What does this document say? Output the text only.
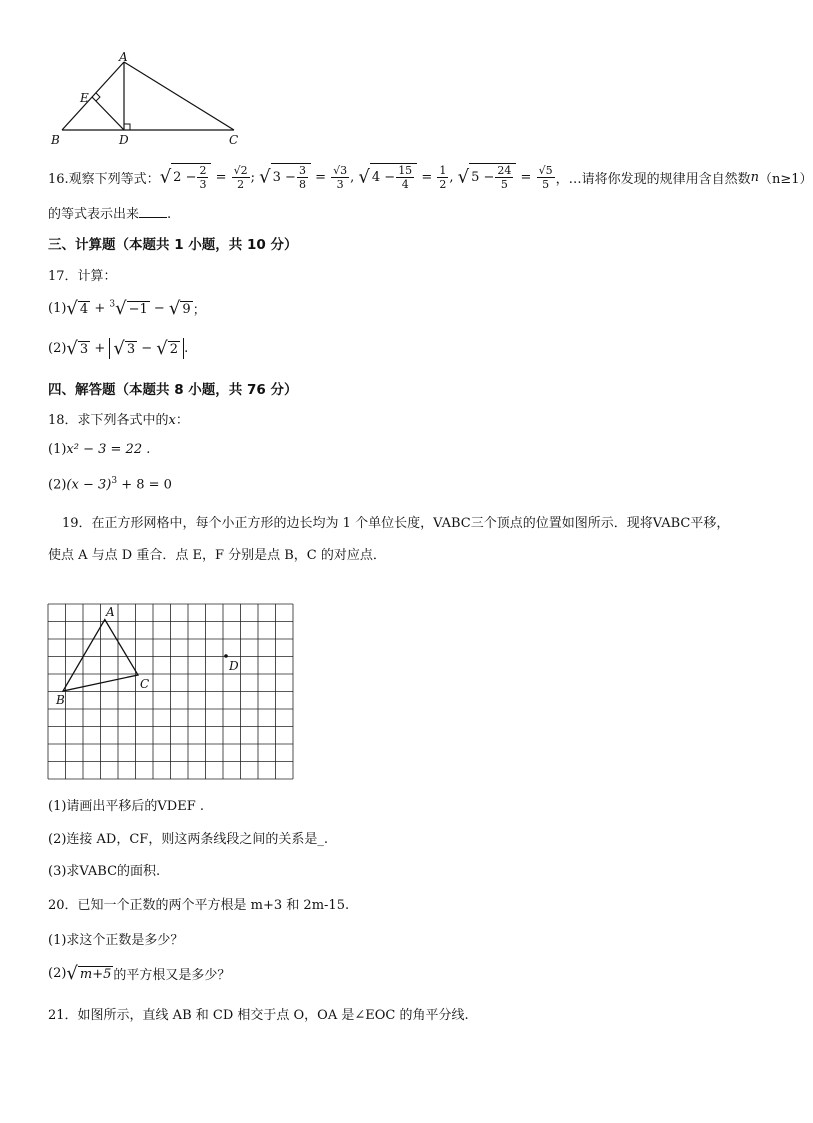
A
B	C
D
E
16.观察下列等式： √ $2 - \frac{2}{3} = \frac{√2}{2}$ ; √ $3 - \frac{3}{8} = \frac{√3}{3}$ , √ $4 - \frac{15}{4} = \frac{1}{2}$ , √ $5 - \frac{24}{5} = \frac{√5}{5}$ ，…请将你发现的规律用含自然数 n （n≥1）
的等式表示出来 .
三、计算题（本题共 1 小题，共 10 分）
17．计算：
(1) √ 4 + $^3$√ −1 − √ 9 ；
(2) √ 3 + √ 3 − √ 2 .
四、解答题（本题共 8 小题，共 76 分）
18．求下列各式中的x：
(1)x² − 3 = 22 .
$(2)(x - 3)^3 + 8 = 0$
19．在正方形网格中，每个小正方形的边长均为 1 个单位长度，VABC三个顶点的位置如图所示．现将VABC平移，
使点 A 与点 D 重合．点 E，F 分别是点 B，C 的对应点．
A
B
C
D
(1)请画出平移后的VDEF .
(2)连接 AD，CF，则这两条线段之间的关系是_.
(3)求VABC的面积.
20．已知一个正数的两个平方根是 m+3 和 2m-15.
(1)求这个正数是多少？
(2) √ m+5 的平方根又是多少？
21．如图所示，直线 AB 和 CD 相交于点 O，OA 是∠EOC 的角平分线.
